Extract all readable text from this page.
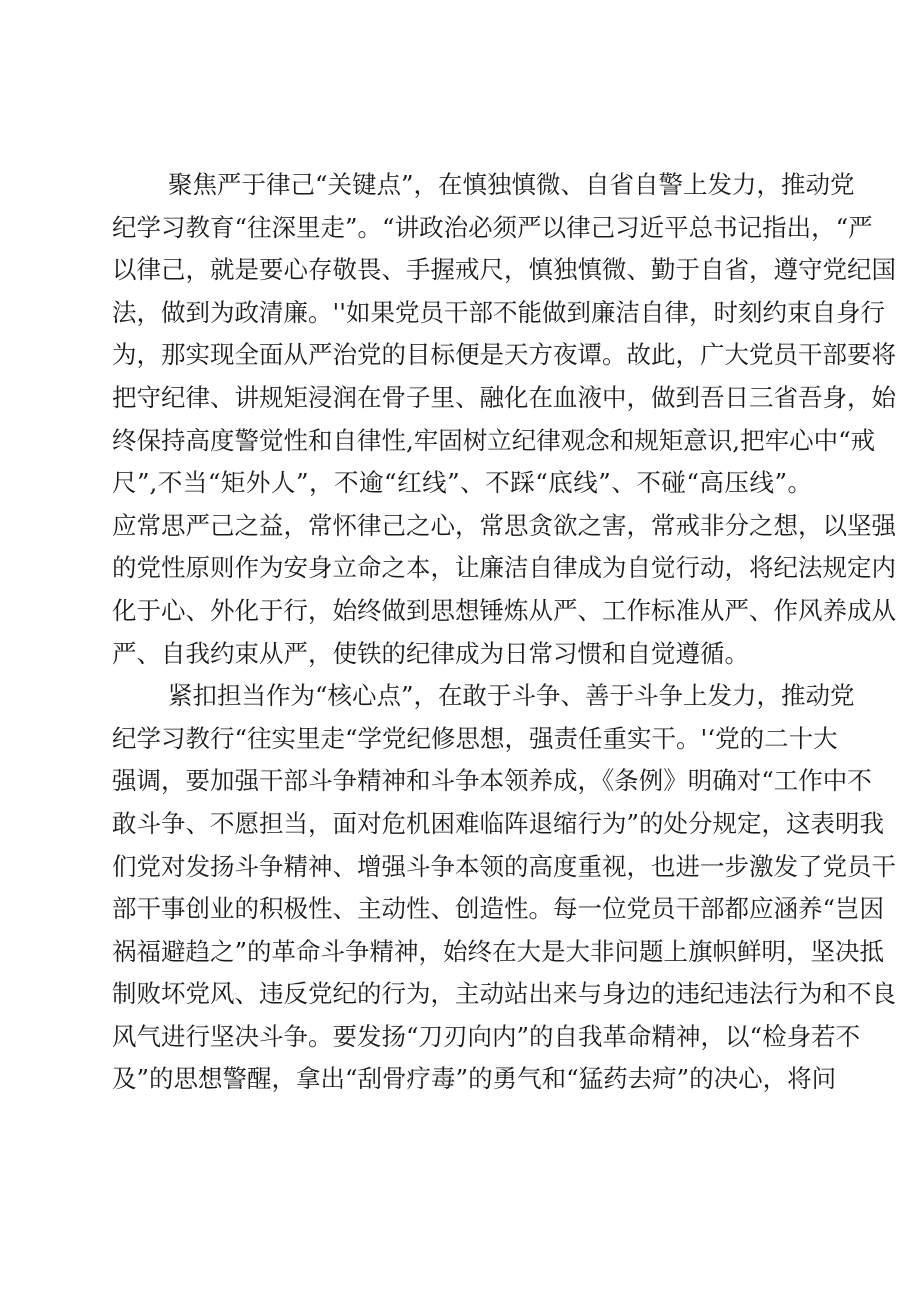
聚焦严于律己“关键点”，在慎独慎微、自省自警上发力，推动党
纪学习教育“往深里走”。“讲政治必须严以律己习近平总书记指出，“严
以律己，就是要心存敬畏、手握戒尺，慎独慎微、勤于自省，遵守党纪国
法，做到为政清廉。''如果党员干部不能做到廉洁自律，时刻约束自身行
为，那实现全面从严治党的目标便是天方夜谭。故此，广大党员干部要将
把守纪律、讲规矩浸润在骨子里、融化在血液中，做到吾日三省吾身，始
终保持高度警觉性和自律性,牢固树立纪律观念和规矩意识,把牢心中“戒
尺”,不当“矩外人”，不逾“红线”、不踩“底线”、不碰“高压线”。
应常思严己之益，常怀律己之心，常思贪欲之害，常戒非分之想，以坚强
的党性原则作为安身立命之本，让廉洁自律成为自觉行动，将纪法规定内
化于心、外化于行，始终做到思想锤炼从严、工作标准从严、作风养成从
严、自我约束从严，使铁的纪律成为日常习惯和自觉遵循。
紧扣担当作为“核心点”，在敢于斗争、善于斗争上发力，推动党
纪学习教行“往实里走“学党纪修思想，强责任重实干。'‘党的二十大
强调，要加强干部斗争精神和斗争本领养成，《条例》明确对“工作中不
敢斗争、不愿担当，面对危机困难临阵退缩行为”的处分规定，这表明我
们党对发扬斗争精神、增强斗争本领的高度重视，也进一步激发了党员干
部干事创业的积极性、主动性、创造性。每一位党员干部都应涵养“岂因
祸福避趋之”的革命斗争精神，始终在大是大非问题上旗帜鲜明，坚决抵
制败坏党风、违反党纪的行为，主动站出来与身边的违纪违法行为和不良
风气进行坚决斗争。要发扬“刀刃向内”的自我革命精神，以“检身若不
及”的思想警醒，拿出“刮骨疗毒”的勇气和“猛药去疴”的决心，将问
